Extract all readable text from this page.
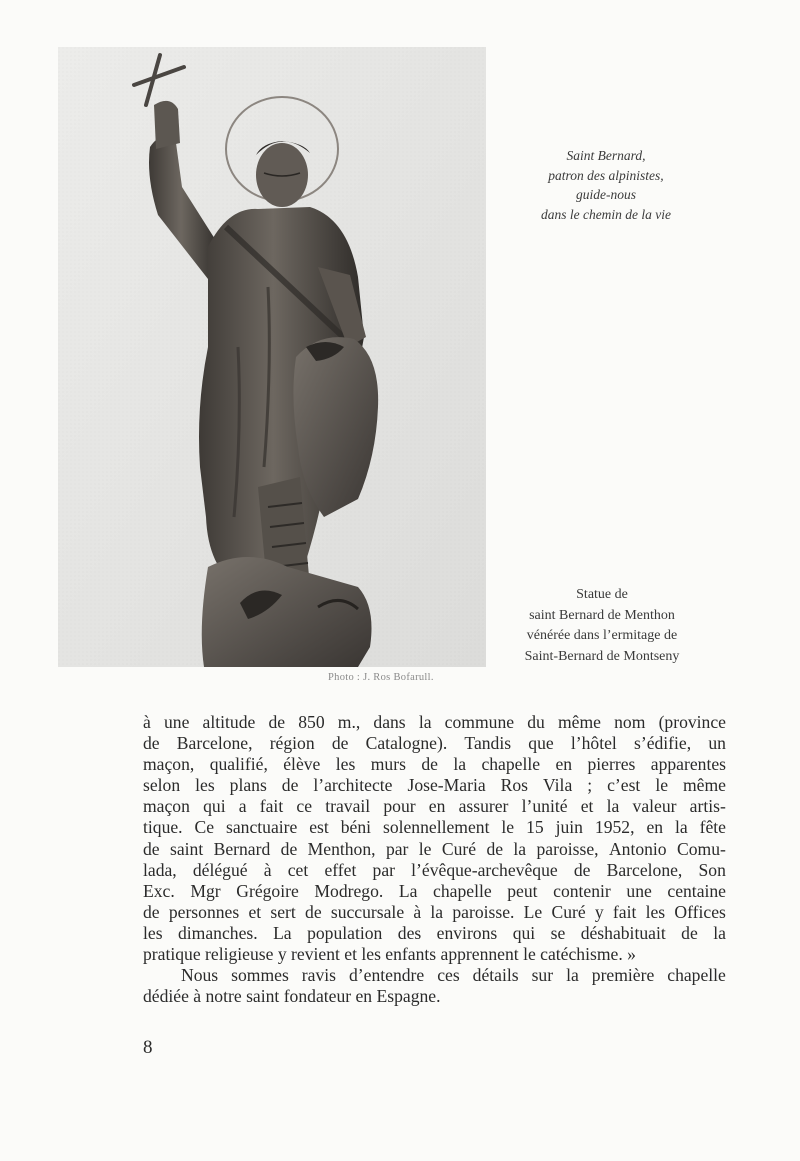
Photo : J. Ros Bofarull.
Saint Bernard,
patron des alpinistes,
guide-nous
dans le chemin de la vie
Statue de
saint Bernard de Menthon
vénérée dans l’ermitage de
Saint-Bernard de Montseny
à une altitude de 850 m., dans la commune du même nom (province
de Barcelone, région de Catalogne). Tandis que l’hôtel s’édifie, un
maçon, qualifié, élève les murs de la chapelle en pierres apparentes
selon les plans de l’architecte Jose-Maria Ros Vila ; c’est le même
maçon qui a fait ce travail pour en assurer l’unité et la valeur artis-
tique. Ce sanctuaire est béni solennellement le 15 juin 1952, en la fête
de saint Bernard de Menthon, par le Curé de la paroisse, Antonio Comu-
lada, délégué à cet effet par l’évêque-archevêque de Barcelone, Son
Exc. Mgr Grégoire Modrego. La chapelle peut contenir une centaine
de personnes et sert de succursale à la paroisse. Le Curé y fait les Offices
les dimanches. La population des environs qui se déshabituait de la
pratique religieuse y revient et les enfants apprennent le catéchisme. »
Nous sommes ravis d’entendre ces détails sur la première chapelle
dédiée à notre saint fondateur en Espagne.
8
